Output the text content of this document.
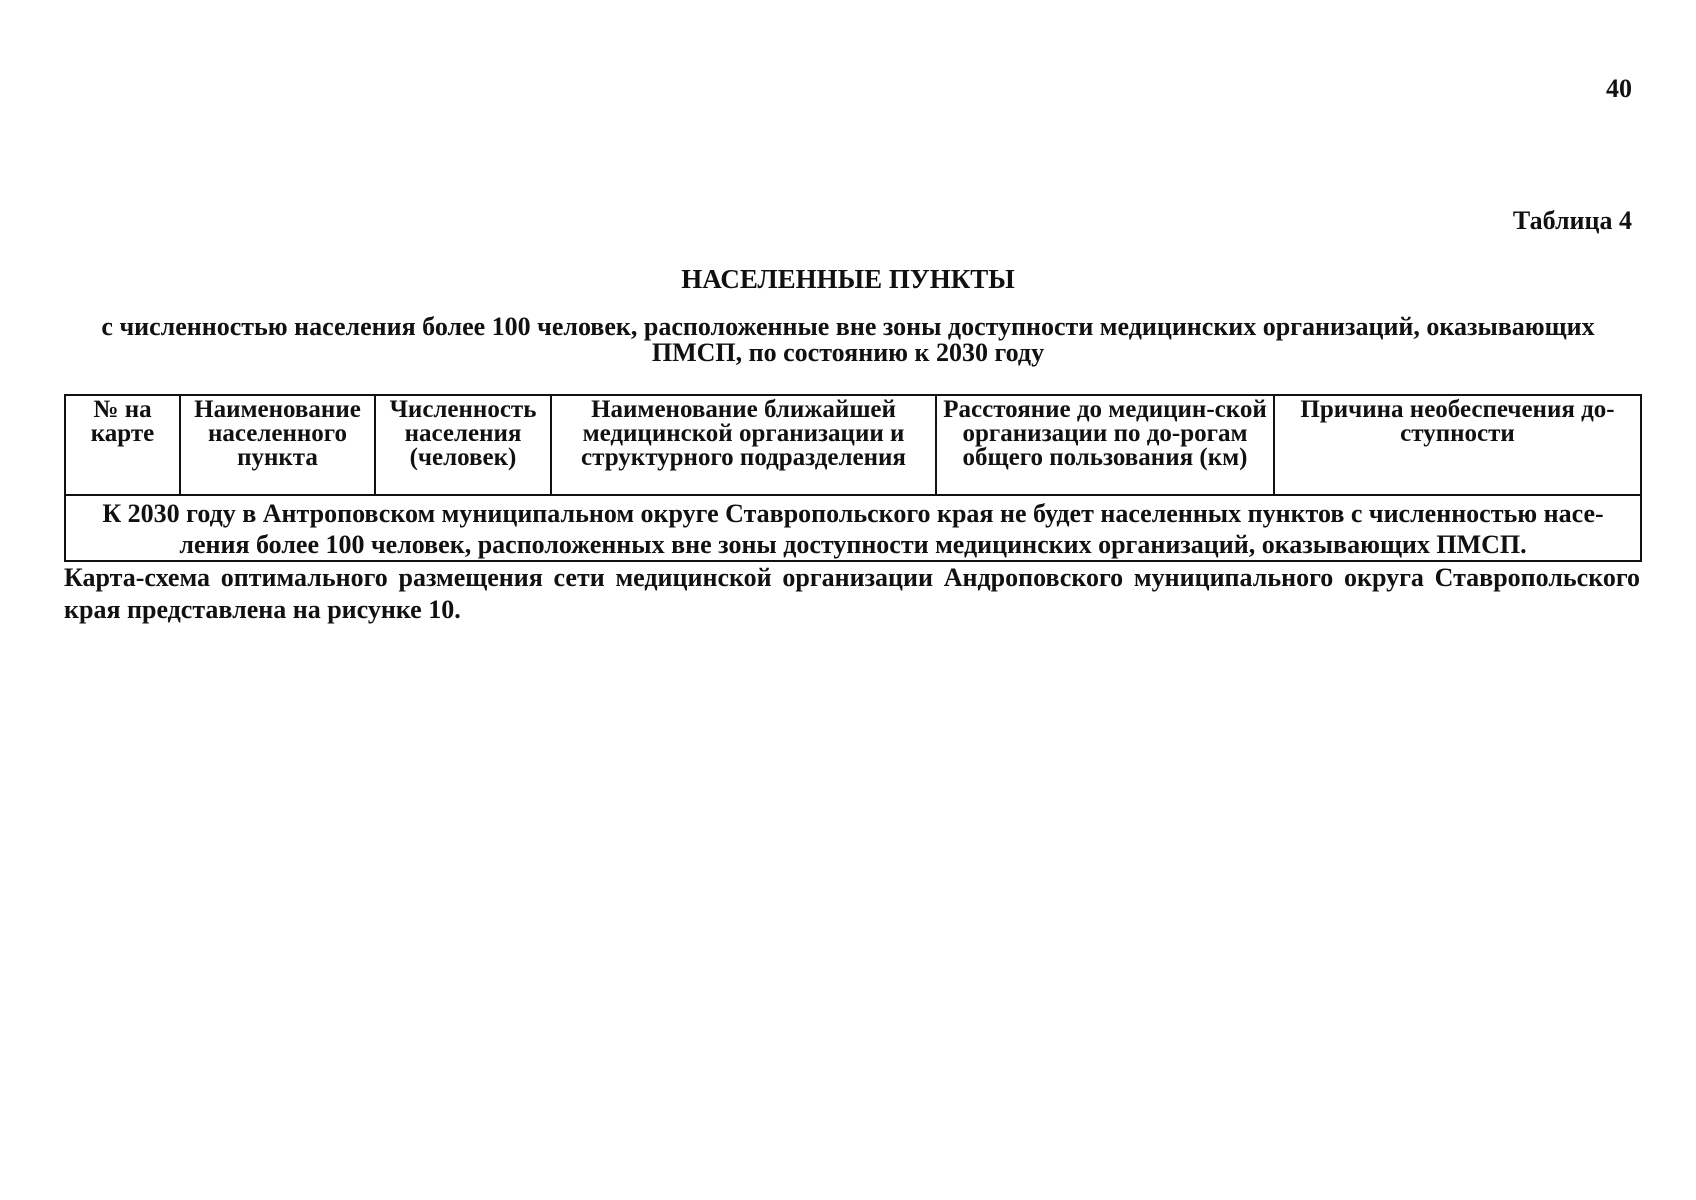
40
Таблица 4
НАСЕЛЕННЫЕ ПУНКТЫ
с численностью населения более 100 человек, расположенные вне зоны доступности медицинских организаций, оказывающих ПМСП, по состоянию к 2030 году
№ на карте	Наименование населенного пункта	Численность населения (человек)	Наименование ближайшей медицинской организации и структурного подразделения	Расстояние до медицин-ской организации по до-рогам общего пользования (км)	Причина необеспечения до-ступности
К 2030 году в Антроповском муниципальном округе Ставропольского края не будет населенных пунктов с численностью насе-ления более 100 человек, расположенных вне зоны доступности медицинских организаций, оказывающих ПМСП.
Карта-схема оптимального размещения сети медицинской организации Андроповского муниципального округа Ставропольского края представлена на рисунке 10.
